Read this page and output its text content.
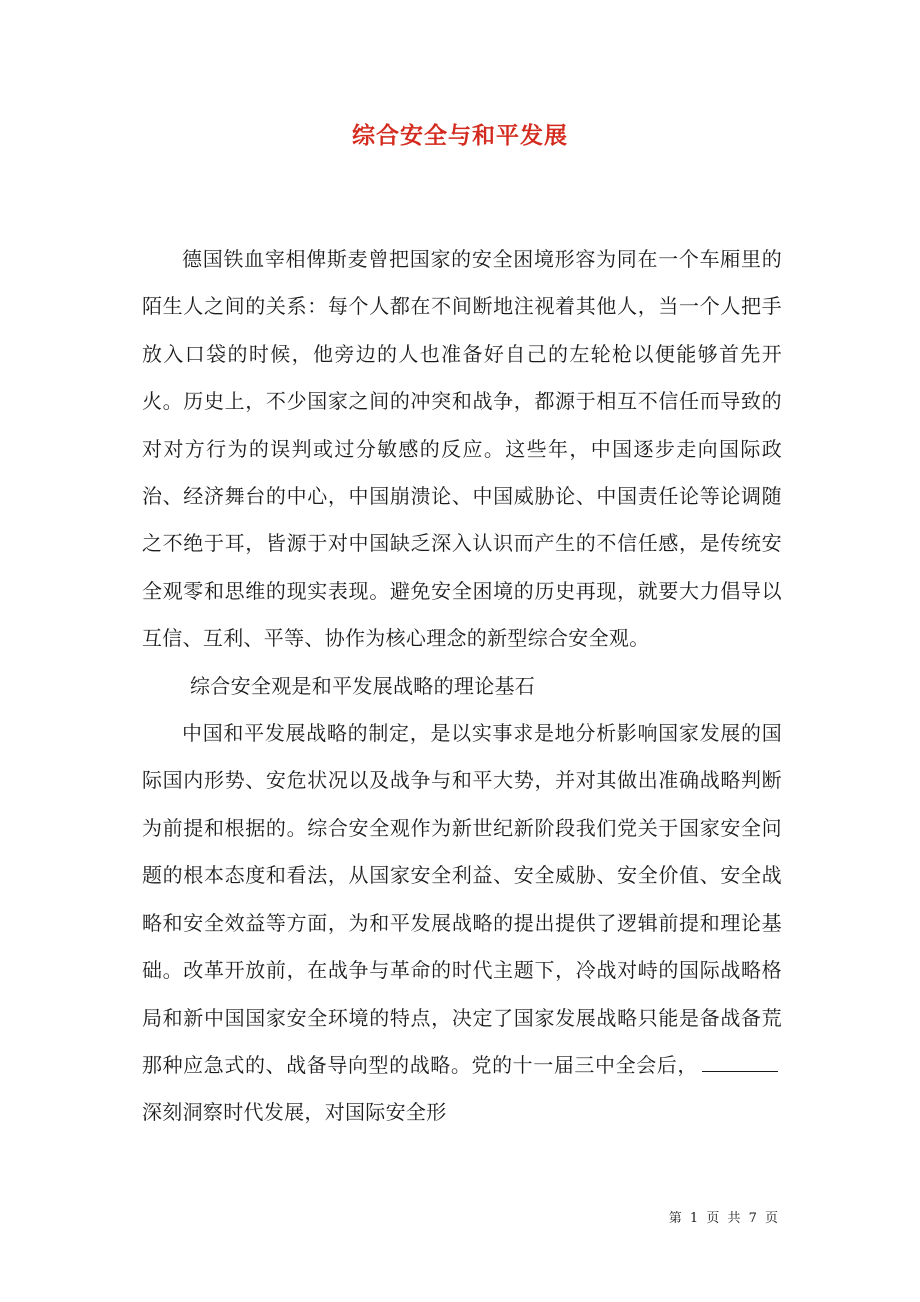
综合安全与和平发展

德国铁血宰相俾斯麦曾把国家的安全困境形容为同在一个车厢里的陌生人之间的关系：每个人都在不间断地注视着其他人，当一个人把手放入口袋的时候，他旁边的人也准备好自己的左轮枪以便能够首先开火。历史上，不少国家之间的冲突和战争，都源于相互不信任而导致的对对方行为的误判或过分敏感的反应。这些年，中国逐步走向国际政治、经济舞台的中心，中国崩溃论、中国威胁论、中国责任论等论调随之不绝于耳，皆源于对中国缺乏深入认识而产生的不信任感，是传统安全观零和思维的现实表现。避免安全困境的历史再现，就要大力倡导以互信、互利、平等、协作为核心理念的新型综合安全观。

综合安全观是和平发展战略的理论基石

中国和平发展战略的制定，是以实事求是地分析影响国家发展的国际国内形势、安危状况以及战争与和平大势，并对其做出准确战略判断为前提和根据的。综合安全观作为新世纪新阶段我们党关于国家安全问题的根本态度和看法，从国家安全利益、安全威胁、安全价值、安全战略和安全效益等方面，为和平发展战略的提出提供了逻辑前提和理论基础。改革开放前，在战争与革命的时代主题下，冷战对峙的国际战略格局和新中国国家安全环境的特点，决定了国家发展战略只能是备战备荒那种应急式的、战备导向型的战略。党的十一届三中全会后，深刻洞察时代发展，对国际安全形

第 1 页 共 7 页
